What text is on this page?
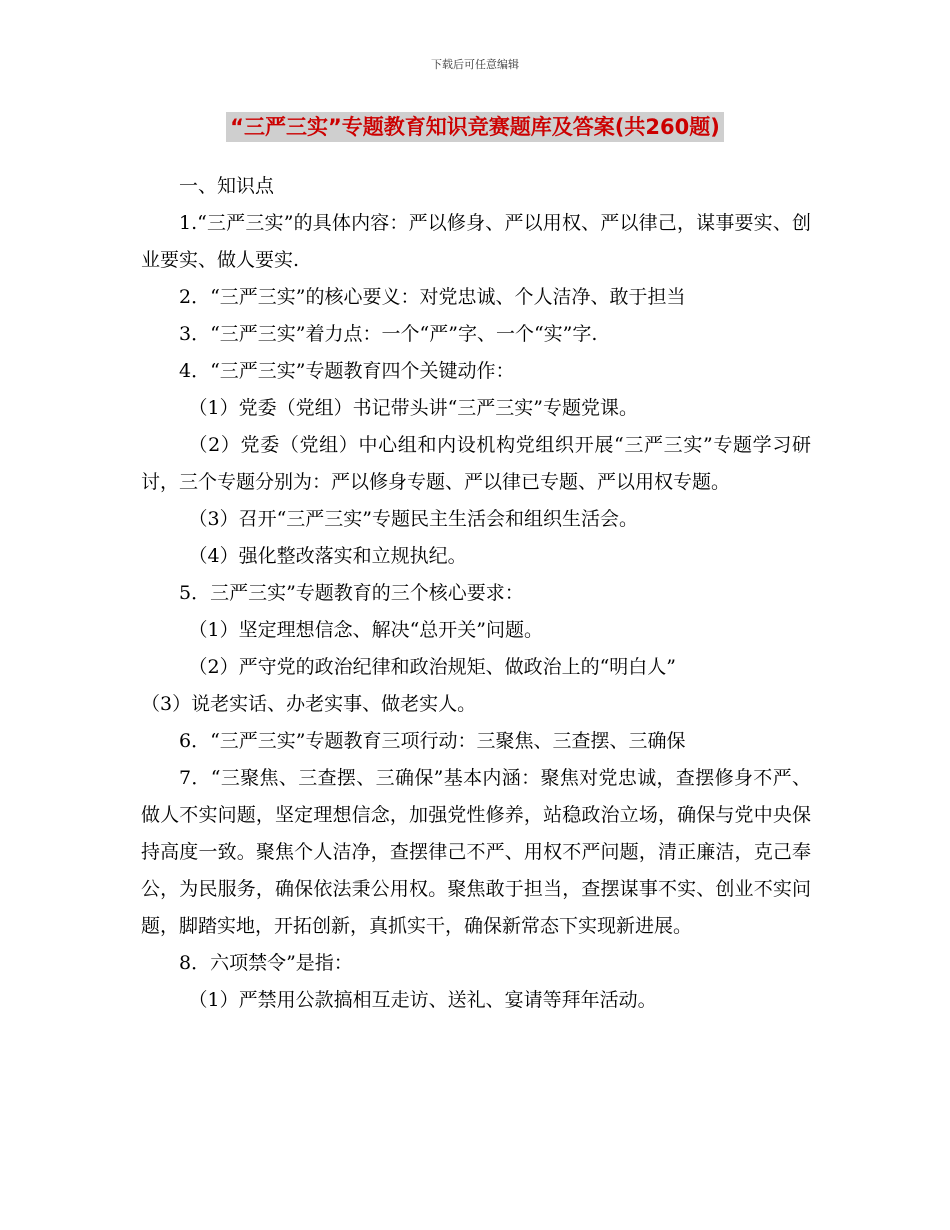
下载后可任意编辑
“三严三实”专题教育知识竞赛题库及答案(共260题)

一、知识点

1.“三严三实”的具体内容：严以修身、严以用权、严以律己，谋事要实、创业要实、做人要实.

2．“三严三实”的核心要义：对党忠诚、个人洁净、敢于担当

3．“三严三实”着力点：一个“严”字、一个“实”字.

4．“三严三实”专题教育四个关键动作：

（1）党委（党组）书记带头讲“三严三实”专题党课。

（2）党委（党组）中心组和内设机构党组织开展“三严三实”专题学习研讨，三个专题分别为：严以修身专题、严以律已专题、严以用权专题。

（3）召开“三严三实”专题民主生活会和组织生活会。

（4）强化整改落实和立规执纪。

5．三严三实”专题教育的三个核心要求：

（1）坚定理想信念、解决“总开关”问题。

（2）严守党的政治纪律和政治规矩、做政治上的“明白人”

（3）说老实话、办老实事、做老实人。

6．“三严三实”专题教育三项行动：三聚焦、三查摆、三确保

7．“三聚焦、三查摆、三确保”基本内涵：聚焦对党忠诚，查摆修身不严、做人不实问题，坚定理想信念，加强党性修养，站稳政治立场，确保与党中央保持高度一致。聚焦个人洁净，查摆律己不严、用权不严问题，清正廉洁，克己奉公，为民服务，确保依法秉公用权。聚焦敢于担当，查摆谋事不实、创业不实问题，脚踏实地，开拓创新，真抓实干，确保新常态下实现新进展。

8．六项禁令”是指：

（1）严禁用公款搞相互走访、送礼、宴请等拜年活动。
